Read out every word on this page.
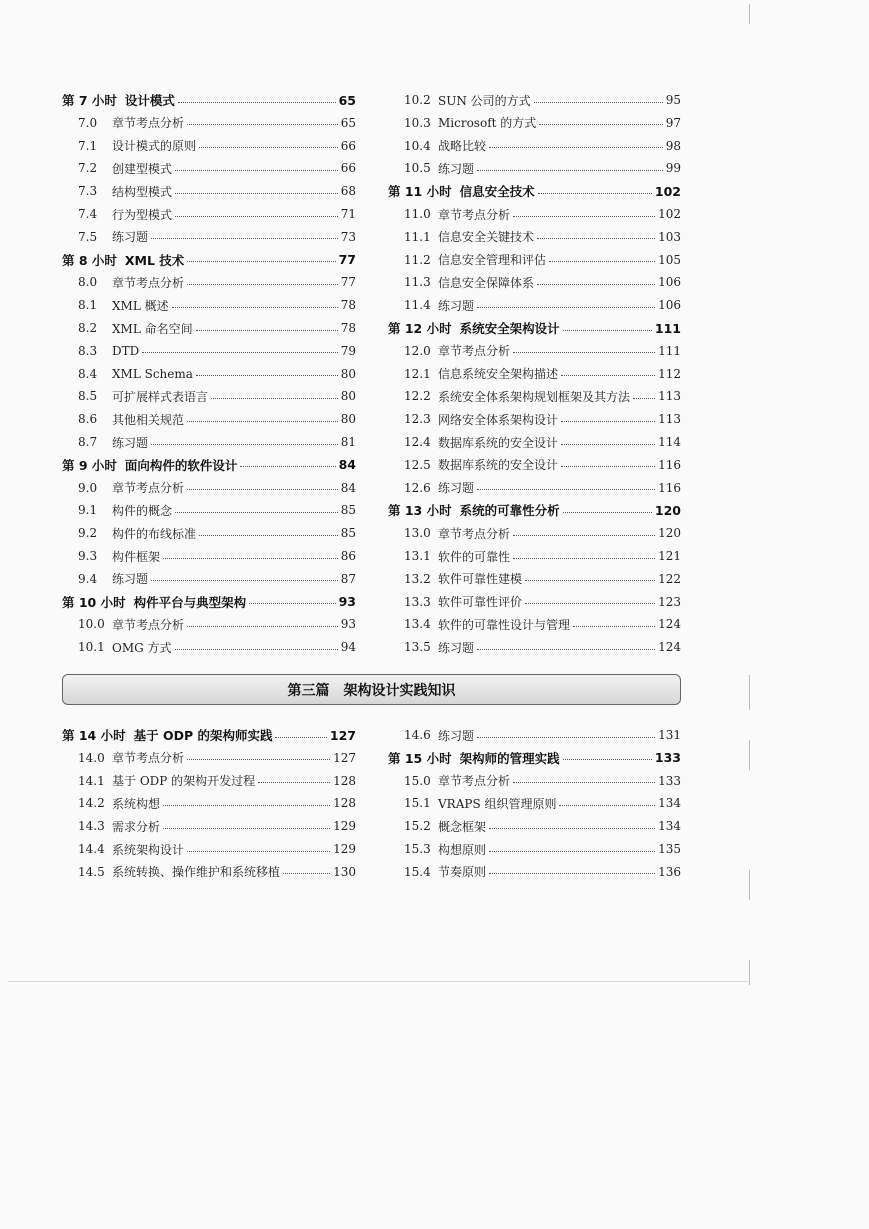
第 7 小时 设计模式	65
7.0	章节考点分析	65
7.1	设计模式的原则	66
7.2	创建型模式	66
7.3	结构型模式	68
7.4	行为型模式	71
7.5	练习题	73
第 8 小时 XML 技术	77
8.0	章节考点分析	77
8.1	XML 概述	78
8.2	XML 命名空间	78
8.3	DTD	79
8.4	XML Schema	80
8.5	可扩展样式表语言	80
8.6	其他相关规范	80
8.7	练习题	81
第 9 小时 面向构件的软件设计	84
9.0	章节考点分析	84
9.1	构件的概念	85
9.2	构件的布线标准	85
9.3	构件框架	86
9.4	练习题	87
第 10 小时 构件平台与典型架构	93
10.0 章节考点分析	93
10.1 OMG 方式	94
10.2 SUN 公司的方式	95
10.3 Microsoft 的方式	97
10.4 战略比较	98
10.5 练习题	99
第 11 小时 信息安全技术	102
11.0 章节考点分析	102
11.1 信息安全关键技术	103
11.2 信息安全管理和评估	105
11.3 信息安全保障体系	106
11.4 练习题	106
第 12 小时 系统安全架构设计	111
12.0 章节考点分析	111
12.1 信息系统安全架构描述	112
12.2 系统安全体系架构规划框架及其方法 113
12.3 网络安全体系架构设计	113
12.4 数据库系统的安全设计	114
12.5 数据库系统的安全设计	116
12.6 练习题	116
第 13 小时 系统的可靠性分析	120
13.0 章节考点分析	120
13.1 软件的可靠性	121
13.2 软件可靠性建模	122
13.3 软件可靠性评价	123
13.4 软件的可靠性设计与管理	124
13.5 练习题	124
第三篇　架构设计实践知识
第 14 小时 基于 ODP 的架构师实践	127
14.0 章节考点分析	127
14.1 基于 ODP 的架构开发过程	128
14.2 系统构想	128
14.3 需求分析	129
14.4 系统架构设计	129
14.5 系统转换、操作维护和系统移植	130
14.6 练习题	131
第 15 小时 架构师的管理实践	133
15.0 章节考点分析	133
15.1 VRAPS 组织管理原则	134
15.2 概念框架	134
15.3 构想原则	135
15.4 节奏原则	136
